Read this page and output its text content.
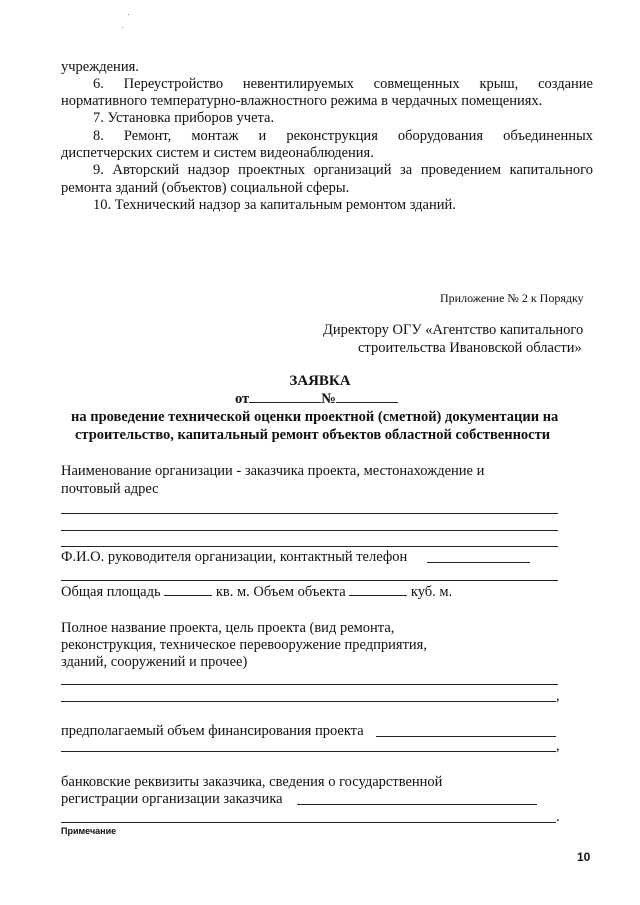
учреждения.
6. Переустройство невентилируемых совмещенных крыш, создание
нормативного температурно-влажностного режима в чердачных помещениях.
7. Установка приборов учета.
8. Ремонт, монтаж и реконструкция оборудования объединенных
диспетчерских систем и систем видеонаблюдения.
9. Авторский надзор проектных организаций за проведением капитального
ремонта зданий (объектов) социальной сферы.
10. Технический надзор за капитальным ремонтом зданий.
Приложение № 2 к Порядку
Директору ОГУ «Агентство капитального
строительства Ивановской области»
ЗАЯВКА
от	№
на проведение технической оценки проектной (сметной) документации на
строительство, капитальный ремонт объектов областной собственности
Наименование организации - заказчика проекта, местонахождение и
почтовый адрес
Ф.И.О. руководителя организации, контактный телефон
Общая площадь	кв. м. Объем объекта	куб. м.
Полное название проекта, цель проекта (вид ремонта,
реконструкция, техническое перевооружение предприятия,
зданий, сооружений и прочее)
,
предполагаемый объем финансирования проекта
,
банковские реквизиты заказчика, сведения о государственной
регистрации организации заказчика
.
Примечание
10
